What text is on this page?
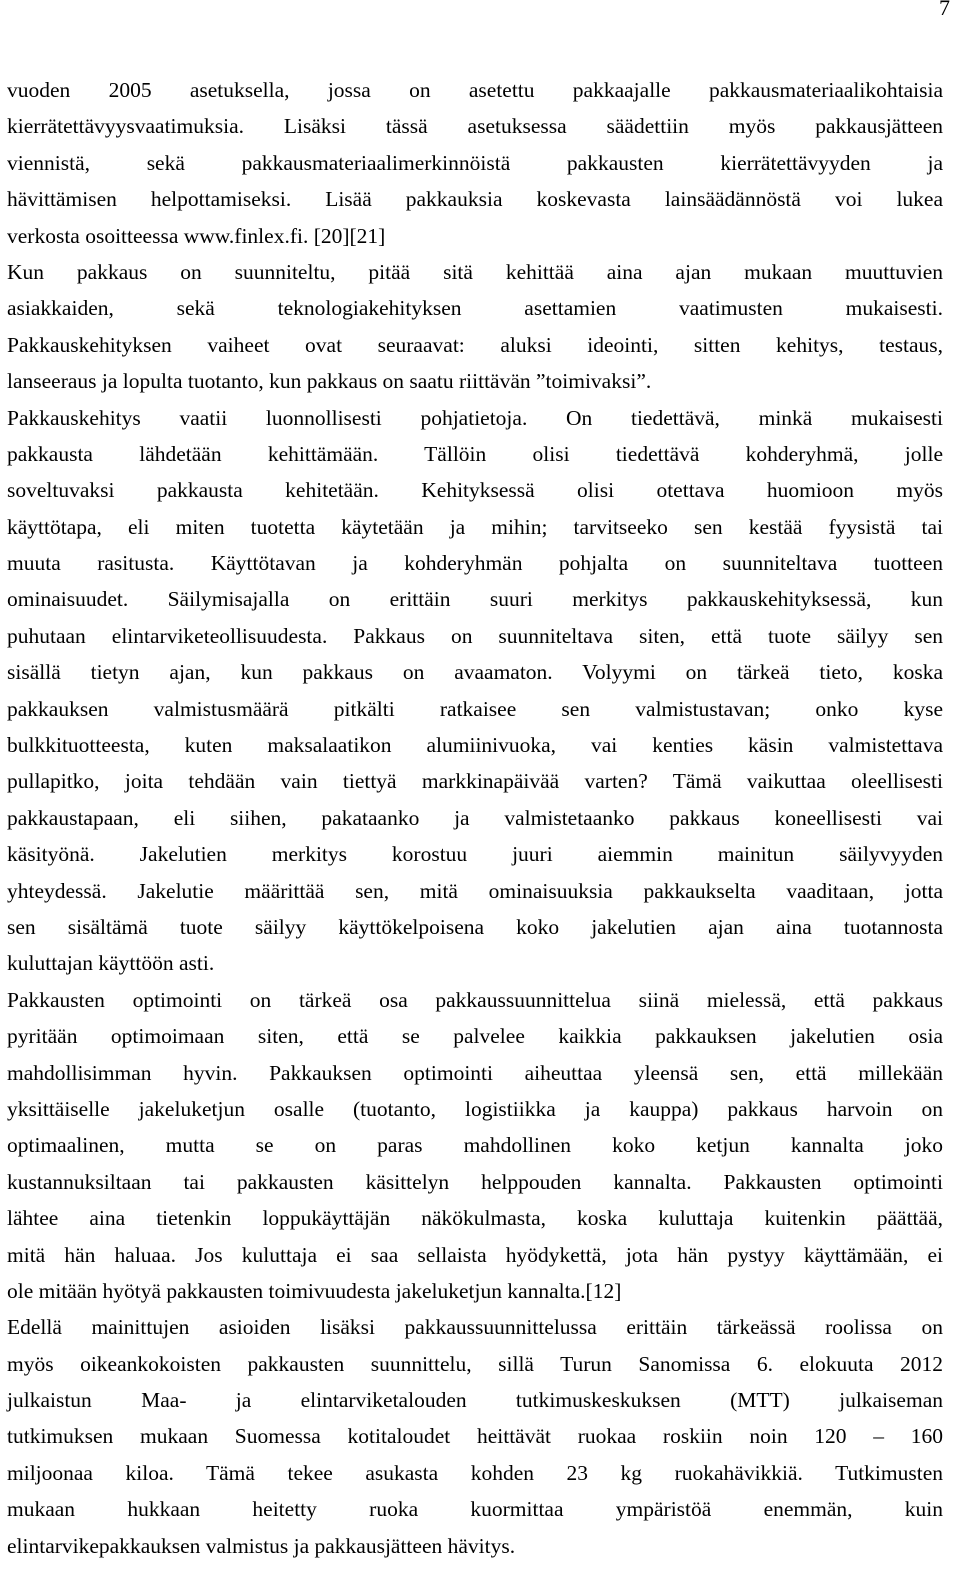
7
vuoden 2005 asetuksella, jossa on asetettu pakkaajalle pakkausmateriaalikohtaisia
kierrätettävyysvaatimuksia. Lisäksi tässä asetuksessa säädettiin myös pakkausjätteen
viennistä, sekä pakkausmateriaalimerkinnöistä pakkausten kierrätettävyyden ja
hävittämisen helpottamiseksi. Lisää pakkauksia koskevasta lainsäädännöstä voi lukea
verkosta osoitteessa www.finlex.fi. [20][21]
Kun pakkaus on suunniteltu, pitää sitä kehittää aina ajan mukaan muuttuvien
asiakkaiden, sekä teknologiakehityksen asettamien vaatimusten mukaisesti.
Pakkauskehityksen vaiheet ovat seuraavat: aluksi ideointi, sitten kehitys, testaus,
lanseeraus ja lopulta tuotanto, kun pakkaus on saatu riittävän ”toimivaksi”.
Pakkauskehitys vaatii luonnollisesti pohjatietoja. On tiedettävä, minkä mukaisesti
pakkausta lähdetään kehittämään. Tällöin olisi tiedettävä kohderyhmä, jolle
soveltuvaksi pakkausta kehitetään. Kehityksessä olisi otettava huomioon myös
käyttötapa, eli miten tuotetta käytetään ja mihin; tarvitseeko sen kestää fyysistä tai
muuta rasitusta. Käyttötavan ja kohderyhmän pohjalta on suunniteltava tuotteen
ominaisuudet. Säilymisajalla on erittäin suuri merkitys pakkauskehityksessä, kun
puhutaan elintarviketeollisuudesta. Pakkaus on suunniteltava siten, että tuote säilyy sen
sisällä tietyn ajan, kun pakkaus on avaamaton. Volyymi on tärkeä tieto, koska
pakkauksen valmistusmäärä pitkälti ratkaisee sen valmistustavan; onko kyse
bulkkituotteesta, kuten maksalaatikon alumiinivuoka, vai kenties käsin valmistettava
pullapitko, joita tehdään vain tiettyä markkinapäivää varten? Tämä vaikuttaa oleellisesti
pakkaustapaan, eli siihen, pakataanko ja valmistetaanko pakkaus koneellisesti vai
käsityönä. Jakelutien merkitys korostuu juuri aiemmin mainitun säilyvyyden
yhteydessä. Jakelutie määrittää sen, mitä ominaisuuksia pakkaukselta vaaditaan, jotta
sen sisältämä tuote säilyy käyttökelpoisena koko jakelutien ajan aina tuotannosta
kuluttajan käyttöön asti.
Pakkausten optimointi on tärkeä osa pakkaussuunnittelua siinä mielessä, että pakkaus
pyritään optimoimaan siten, että se palvelee kaikkia pakkauksen jakelutien osia
mahdollisimman hyvin. Pakkauksen optimointi aiheuttaa yleensä sen, että millekään
yksittäiselle jakeluketjun osalle (tuotanto, logistiikka ja kauppa) pakkaus harvoin on
optimaalinen, mutta se on paras mahdollinen koko ketjun kannalta joko
kustannuksiltaan tai pakkausten käsittelyn helppouden kannalta. Pakkausten optimointi
lähtee aina tietenkin loppukäyttäjän näkökulmasta, koska kuluttaja kuitenkin päättää,
mitä hän haluaa. Jos kuluttaja ei saa sellaista hyödykettä, jota hän pystyy käyttämään, ei
ole mitään hyötyä pakkausten toimivuudesta jakeluketjun kannalta.[12]
Edellä mainittujen asioiden lisäksi pakkaussuunnittelussa erittäin tärkeässä roolissa on
myös oikeankokoisten pakkausten suunnittelu, sillä Turun Sanomissa 6. elokuuta 2012
julkaistun Maa- ja elintarviketalouden tutkimuskeskuksen (MTT) julkaiseman
tutkimuksen mukaan Suomessa kotitaloudet heittävät ruokaa roskiin noin 120 – 160
miljoonaa kiloa. Tämä tekee asukasta kohden 23 kg ruokahävikkiä. Tutkimusten
mukaan hukkaan heitetty ruoka kuormittaa ympäristöä enemmän, kuin
elintarvikepakkauksen valmistus ja pakkausjätteen hävitys.
